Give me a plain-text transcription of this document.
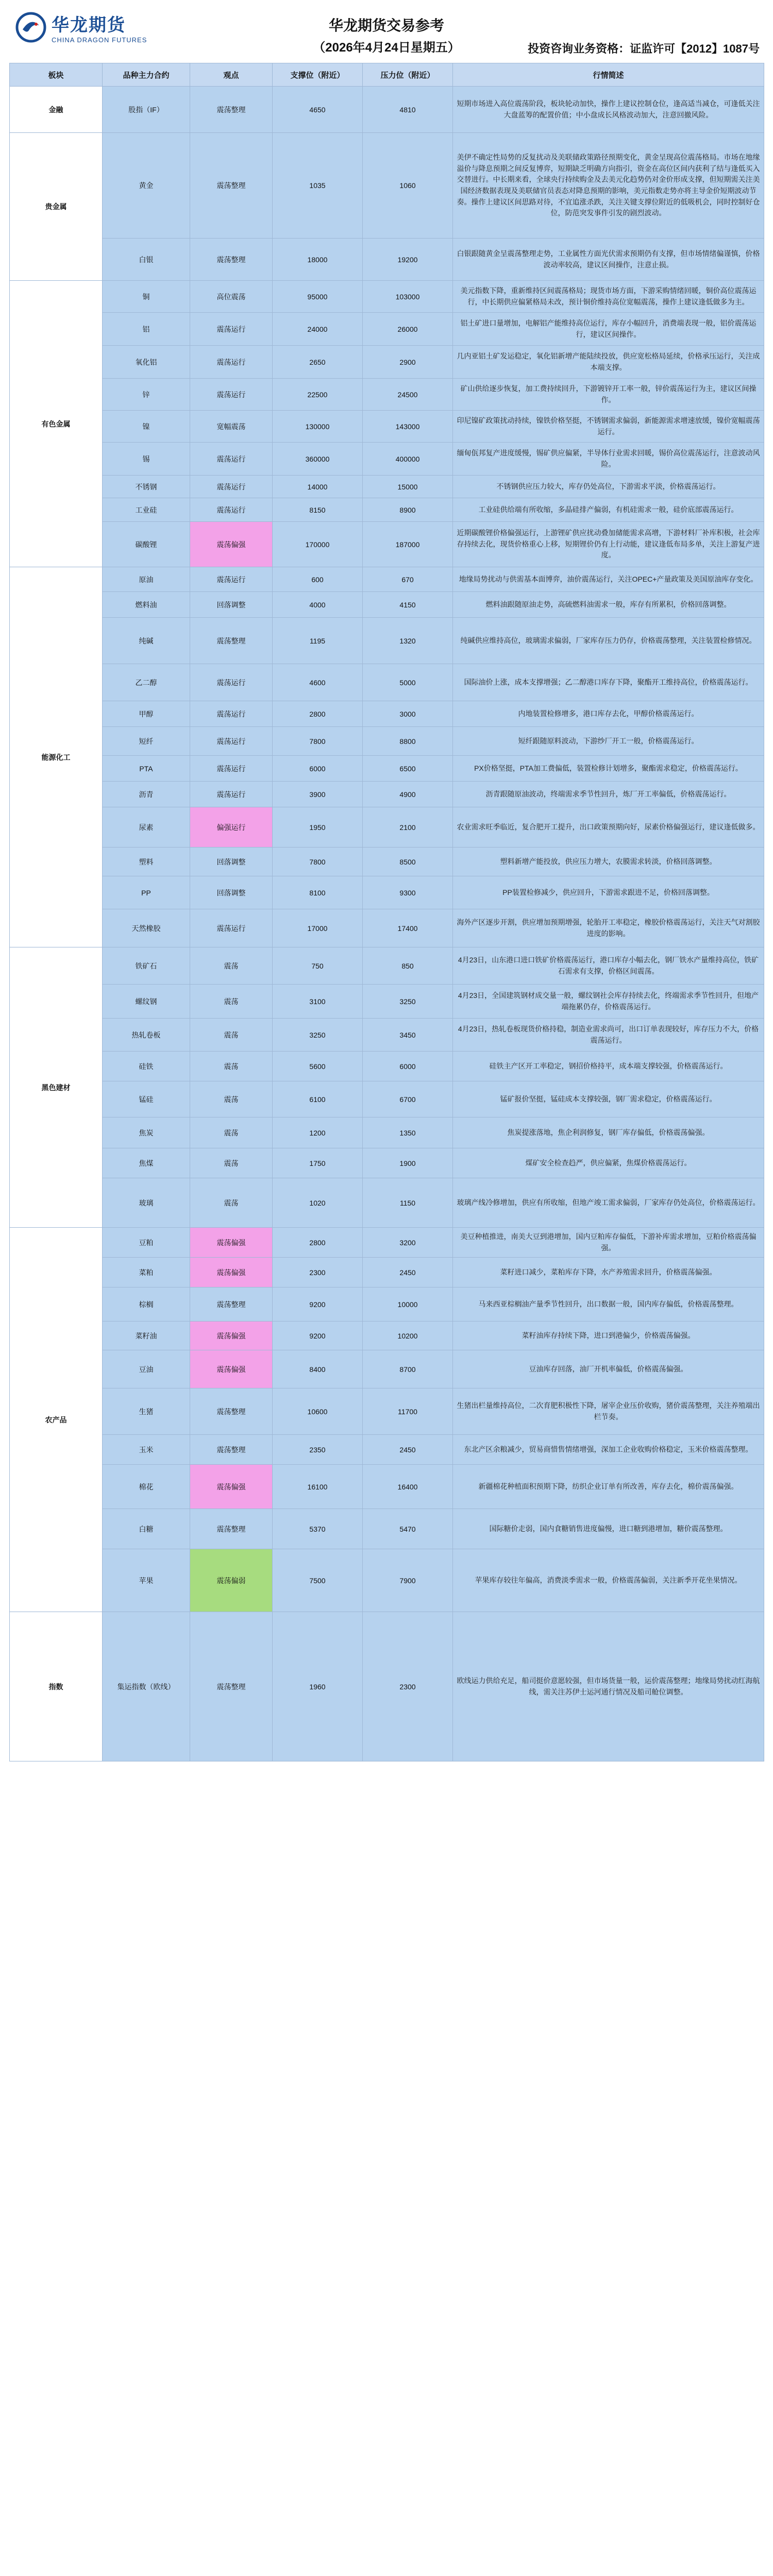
华龙期货
CHINA DRAGON FUTURES
华龙期货交易参考
（2026年4月24日星期五）	投资咨询业务资格：证监许可【2012】1087号
板块	品种主力合约	观点	支撑位（附近）	压力位（附近）	行情简述
金融	股指（IF）	震荡整理	4650	4810	短期市场进入高位震荡阶段，板块轮动加快，操作上建议控制仓位，逢高适当减仓，可逢低关注大盘蓝筹的配置价值；中小盘成长风格波动加大，注意回撤风险。
贵金属	黄金	震荡整理	1035	1060	美伊不确定性局势的反复扰动及美联储政策路径预期变化，黄金呈现高位震荡格局。市场在地缘溢价与降息预期之间反复博弈，短期缺乏明确方向指引，资金在高位区间内获利了结与逢低买入交替进行。中长期来看，全球央行持续购金及去美元化趋势仍对金价形成支撑，但短期需关注美国经济数据表现及美联储官员表态对降息预期的影响，美元指数走势亦将主导金价短期波动节奏。操作上建议区间思路对待，不宜追涨杀跌，关注关键支撑位附近的低吸机会，同时控制好仓位，防范突发事件引发的剧烈波动。
	白银	震荡整理	18000	19200	白银跟随黄金呈震荡整理走势，工业属性方面光伏需求预期仍有支撑，但市场情绪偏谨慎，价格波动率较高，建议区间操作，注意止损。
有色金属	铜	高位震荡	95000	103000	美元指数下降，重新维持区间震荡格局；现货市场方面，下游采购情绪回暖，铜价高位震荡运行，中长期供应偏紧格局未改，预计铜价维持高位宽幅震荡，操作上建议逢低做多为主。
	铝	震荡运行	24000	26000	铝土矿进口量增加，电解铝产能维持高位运行，库存小幅回升，消费端表现一般，铝价震荡运行，建议区间操作。
	氧化铝	震荡运行	2650	2900	几内亚铝土矿发运稳定，氧化铝新增产能陆续投放，供应宽松格局延续，价格承压运行，关注成本端支撑。
	锌	震荡运行	22500	24500	矿山供给逐步恢复，加工费持续回升，下游镀锌开工率一般，锌价震荡运行为主，建议区间操作。
	镍	宽幅震荡	130000	143000	印尼镍矿政策扰动持续，镍铁价格坚挺，不锈钢需求偏弱，新能源需求增速放缓，镍价宽幅震荡运行。
	锡	震荡运行	360000	400000	缅甸佤邦复产进度缓慢，锡矿供应偏紧，半导体行业需求回暖，锡价高位震荡运行，注意波动风险。
	不锈钢	震荡运行	14000	15000	不锈钢供应压力较大，库存仍处高位，下游需求平淡，价格震荡运行。
	工业硅	震荡运行	8150	8900	工业硅供给端有所收缩，多晶硅排产偏弱，有机硅需求一般，硅价底部震荡运行。
	碳酸锂	震荡偏强	170000	187000	近期碳酸锂价格偏强运行，上游锂矿供应扰动叠加储能需求高增，下游材料厂补库积极，社会库存持续去化，现货价格重心上移，短期锂价仍有上行动能，建议逢低布局多单，关注上游复产进度。
能源化工	原油	震荡运行	600	670	地缘局势扰动与供需基本面博弈，油价震荡运行，关注OPEC+产量政策及美国原油库存变化。
	燃料油	回落调整	4000	4150	燃料油跟随原油走势，高硫燃料油需求一般，库存有所累积，价格回落调整。
	纯碱	震荡整理	1195	1320	纯碱供应维持高位，玻璃需求偏弱，厂家库存压力仍存，价格震荡整理，关注装置检修情况。
	乙二醇	震荡运行	4600	5000	国际油价上涨，成本支撑增强；乙二醇港口库存下降，聚酯开工维持高位，价格震荡运行。
	甲醇	震荡运行	2800	3000	内地装置检修增多，港口库存去化，甲醇价格震荡运行。
	短纤	震荡运行	7800	8800	短纤跟随原料波动，下游纱厂开工一般，价格震荡运行。
	PTA	震荡运行	6000	6500	PX价格坚挺，PTA加工费偏低，装置检修计划增多，聚酯需求稳定，价格震荡运行。
	沥青	震荡运行	3900	4900	沥青跟随原油波动，终端需求季节性回升，炼厂开工率偏低，价格震荡运行。
	尿素	偏强运行	1950	2100	农业需求旺季临近，复合肥开工提升，出口政策预期向好，尿素价格偏强运行，建议逢低做多。
	塑料	回落调整	7800	8500	塑料新增产能投放，供应压力增大，农膜需求转淡，价格回落调整。
	PP	回落调整	8100	9300	PP装置检修减少，供应回升，下游需求跟进不足，价格回落调整。
	天然橡胶	震荡运行	17000	17400	海外产区逐步开割，供应增加预期增强，轮胎开工率稳定，橡胶价格震荡运行，关注天气对割胶进度的影响。
黑色建材	铁矿石	震荡	750	850	4月23日，山东港口进口铁矿价格震荡运行，港口库存小幅去化，钢厂铁水产量维持高位，铁矿石需求有支撑，价格区间震荡。
	螺纹钢	震荡	3100	3250	4月23日，全国建筑钢材成交量一般，螺纹钢社会库存持续去化，终端需求季节性回升，但地产端拖累仍存，价格震荡运行。
	热轧卷板	震荡	3250	3450	4月23日，热轧卷板现货价格持稳，制造业需求尚可，出口订单表现较好，库存压力不大，价格震荡运行。
	硅铁	震荡	5600	6000	硅铁主产区开工率稳定，钢招价格持平，成本端支撑较强，价格震荡运行。
	锰硅	震荡	6100	6700	锰矿报价坚挺，锰硅成本支撑较强，钢厂需求稳定，价格震荡运行。
	焦炭	震荡	1200	1350	焦炭提涨落地，焦企利润修复，钢厂库存偏低，价格震荡偏强。
	焦煤	震荡	1750	1900	煤矿安全检查趋严，供应偏紧，焦煤价格震荡运行。
	玻璃	震荡	1020	1150	玻璃产线冷修增加，供应有所收缩，但地产竣工需求偏弱，厂家库存仍处高位，价格震荡运行。
农产品	豆粕	震荡偏强	2800	3200	美豆种植推进，南美大豆到港增加，国内豆粕库存偏低，下游补库需求增加，豆粕价格震荡偏强。
	菜粕	震荡偏强	2300	2450	菜籽进口减少，菜粕库存下降，水产养殖需求回升，价格震荡偏强。
	棕榈	震荡整理	9200	10000	马来西亚棕榈油产量季节性回升，出口数据一般，国内库存偏低，价格震荡整理。
	菜籽油	震荡偏强	9200	10200	菜籽油库存持续下降，进口到港偏少，价格震荡偏强。
	豆油	震荡偏强	8400	8700	豆油库存回落，油厂开机率偏低，价格震荡偏强。
	生猪	震荡整理	10600	11700	生猪出栏量维持高位，二次育肥积极性下降，屠宰企业压价收购，猪价震荡整理，关注养殖端出栏节奏。
	玉米	震荡整理	2350	2450	东北产区余粮减少，贸易商惜售情绪增强，深加工企业收购价格稳定，玉米价格震荡整理。
	棉花	震荡偏强	16100	16400	新疆棉花种植面积预期下降，纺织企业订单有所改善，库存去化，棉价震荡偏强。
	白糖	震荡整理	5370	5470	国际糖价走弱，国内食糖销售进度偏慢，进口糖到港增加，糖价震荡整理。
	苹果	震荡偏弱	7500	7900	苹果库存较往年偏高，消费淡季需求一般，价格震荡偏弱，关注新季开花坐果情况。
指数	集运指数（欧线）	震荡整理	1960	2300	欧线运力供给充足，船司挺价意愿较强，但市场货量一般，运价震荡整理；地缘局势扰动红海航线，需关注苏伊士运河通行情况及船司舱位调整。
